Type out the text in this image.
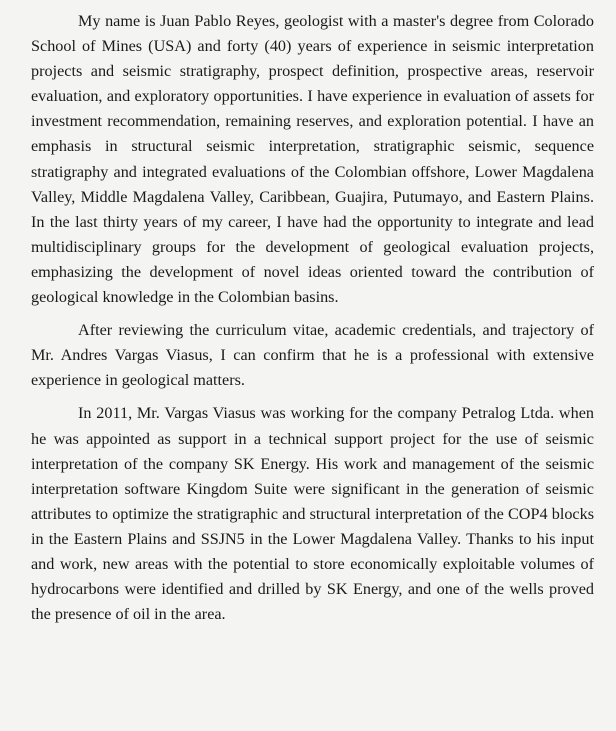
My name is Juan Pablo Reyes, geologist with a master's degree from Colorado School of Mines (USA) and forty (40) years of experience in seismic interpretation projects and seismic stratigraphy, prospect definition, prospective areas, reservoir evaluation, and exploratory opportunities. I have experience in evaluation of assets for investment recommendation, remaining reserves, and exploration potential. I have an emphasis in structural seismic interpretation, stratigraphic seismic, sequence stratigraphy and integrated evaluations of the Colombian offshore, Lower Magdalena Valley, Middle Magdalena Valley, Caribbean, Guajira, Putumayo, and Eastern Plains. In the last thirty years of my career, I have had the opportunity to integrate and lead multidisciplinary groups for the development of geological evaluation projects, emphasizing the development of novel ideas oriented toward the contribution of geological knowledge in the Colombian basins.

After reviewing the curriculum vitae, academic credentials, and trajectory of Mr. Andres Vargas Viasus, I can confirm that he is a professional with extensive experience in geological matters.

In 2011, Mr. Vargas Viasus was working for the company Petralog Ltda. when he was appointed as support in a technical support project for the use of seismic interpretation of the company SK Energy. His work and management of the seismic interpretation software Kingdom Suite were significant in the generation of seismic attributes to optimize the stratigraphic and structural interpretation of the COP4 blocks in the Eastern Plains and SSJN5 in the Lower Magdalena Valley. Thanks to his input and work, new areas with the potential to store economically exploitable volumes of hydrocarbons were identified and drilled by SK Energy, and one of the wells proved the presence of oil in the area.
